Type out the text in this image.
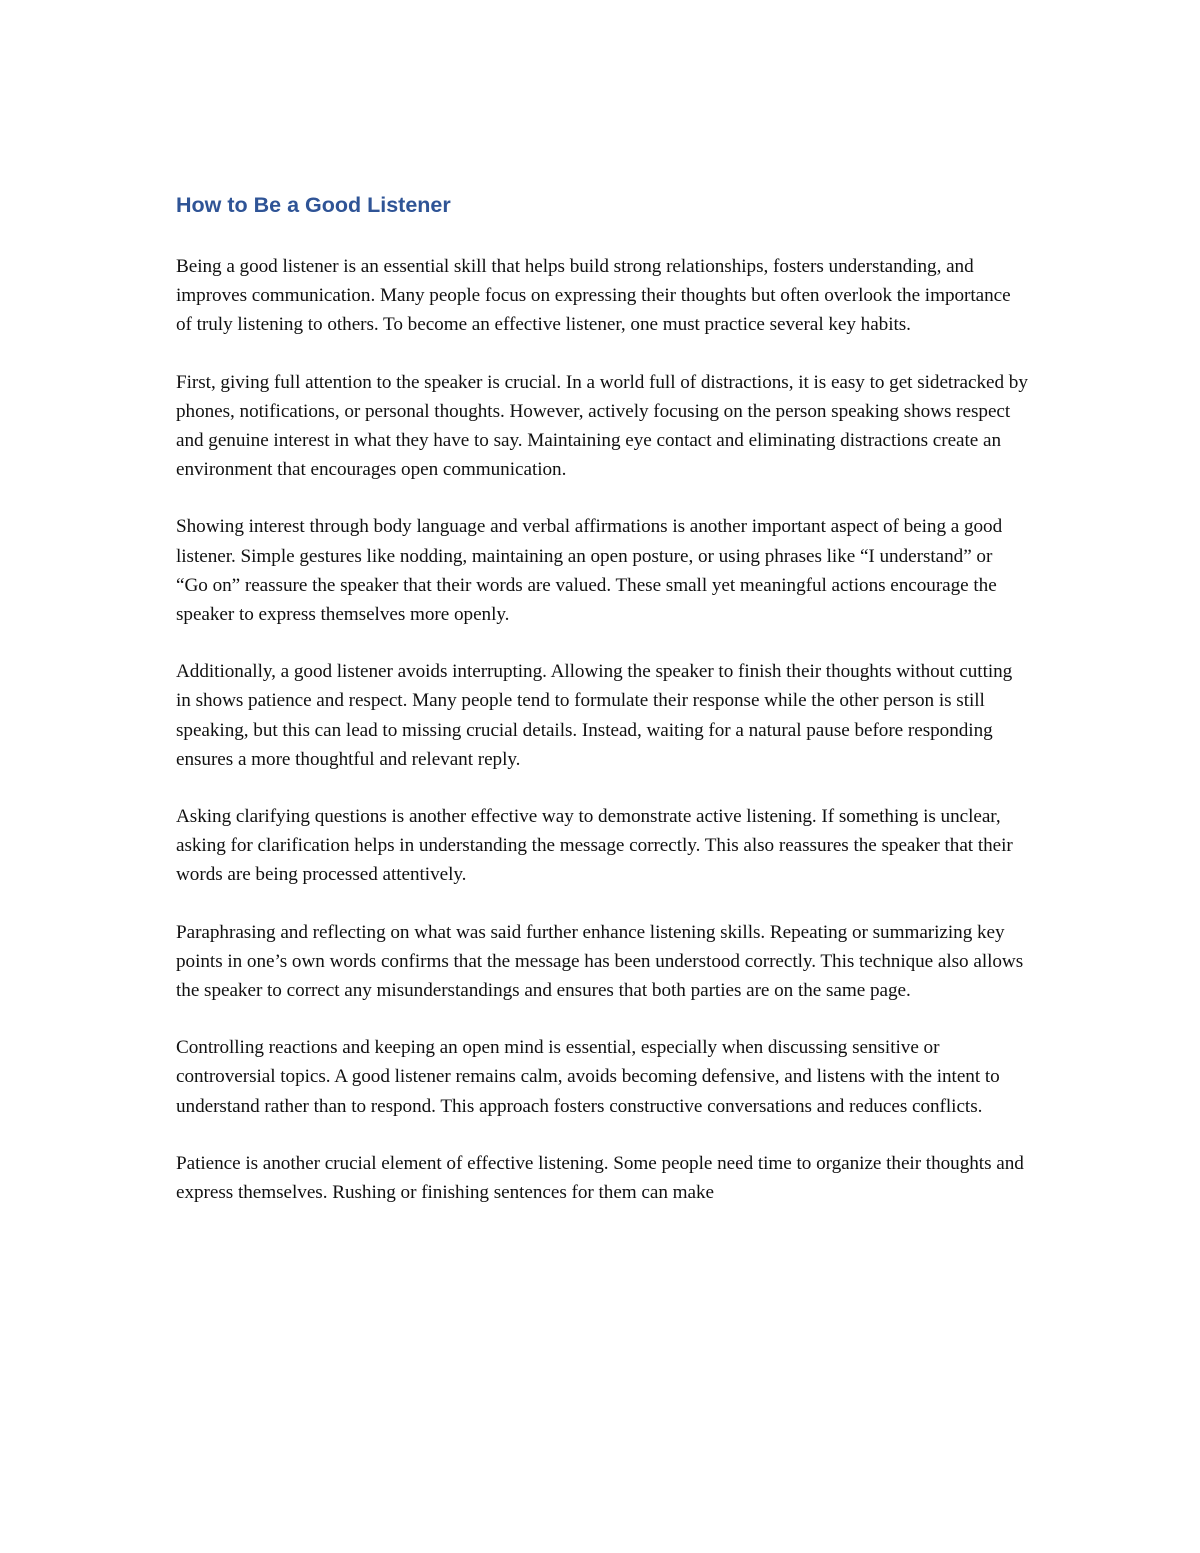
How to Be a Good Listener

Being a good listener is an essential skill that helps build strong relationships, fosters understanding, and improves communication. Many people focus on expressing their thoughts but often overlook the importance of truly listening to others. To become an effective listener, one must practice several key habits.

First, giving full attention to the speaker is crucial. In a world full of distractions, it is easy to get sidetracked by phones, notifications, or personal thoughts. However, actively focusing on the person speaking shows respect and genuine interest in what they have to say. Maintaining eye contact and eliminating distractions create an environment that encourages open communication.

Showing interest through body language and verbal affirmations is another important aspect of being a good listener. Simple gestures like nodding, maintaining an open posture, or using phrases like “I understand” or “Go on” reassure the speaker that their words are valued. These small yet meaningful actions encourage the speaker to express themselves more openly.

Additionally, a good listener avoids interrupting. Allowing the speaker to finish their thoughts without cutting in shows patience and respect. Many people tend to formulate their response while the other person is still speaking, but this can lead to missing crucial details. Instead, waiting for a natural pause before responding ensures a more thoughtful and relevant reply.

Asking clarifying questions is another effective way to demonstrate active listening. If something is unclear, asking for clarification helps in understanding the message correctly. This also reassures the speaker that their words are being processed attentively.

Paraphrasing and reflecting on what was said further enhance listening skills. Repeating or summarizing key points in one’s own words confirms that the message has been understood correctly. This technique also allows the speaker to correct any misunderstandings and ensures that both parties are on the same page.

Controlling reactions and keeping an open mind is essential, especially when discussing sensitive or controversial topics. A good listener remains calm, avoids becoming defensive, and listens with the intent to understand rather than to respond. This approach fosters constructive conversations and reduces conflicts.

Patience is another crucial element of effective listening. Some people need time to organize their thoughts and express themselves. Rushing or finishing sentences for them can make
